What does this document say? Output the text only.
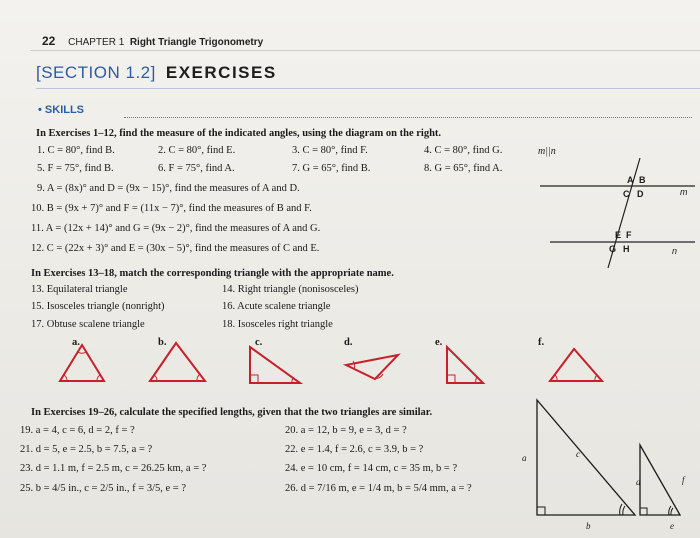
22 CHAPTER 1 Right Triangle Trigonometry
[SECTION 1.2] EXERCISES
• SKILLS
In Exercises 1–12, find the measure of the indicated angles, using the diagram on the right.
1. C = 80°, find B.	2. C = 80°, find E.	3. C = 80°, find F.	4. C = 80°, find G.
5. F = 75°, find B.	6. F = 75°, find A.	7. G = 65°, find B.	8. G = 65°, find A.
9. A = (8x)° and D = (9x − 15)°, find the measures of A and D.
10. B = (9x + 7)° and F = (11x − 7)°, find the measures of B and F.
11. A = (12x + 14)° and G = (9x − 2)°, find the measures of A and G.
12. C = (22x + 3)° and E = (30x − 5)°, find the measures of C and E.
m||n
A B
C D	m
E F
G H	n
In Exercises 13–18, match the corresponding triangle with the appropriate name.
13. Equilateral triangle	14. Right triangle (nonisosceles)
15. Isosceles triangle (nonright)	16. Acute scalene triangle
17. Obtuse scalene triangle	18. Isosceles right triangle
a.	b.	c.	d.	e.	f.
In Exercises 19–26, calculate the specified lengths, given that the two triangles are similar.
19. a = 4, c = 6, d = 2, f = ?	20. a = 12, b = 9, e = 3, d = ?
21. d = 5, e = 2.5, b = 7.5, a = ?	22. e = 1.4, f = 2.6, c = 3.9, b = ?
23. d = 1.1 m, f = 2.5 m, c = 26.25 km, a = ?	24. e = 10 cm, f = 14 cm, c = 35 m, b = ?
25. b = 4/5 in., c = 2/5 in., f = 3/5, e = ?	26. d = 7/16 m, e = 1/4 m, b = 5/4 mm, a = ?
a	c
b
d	f
e
